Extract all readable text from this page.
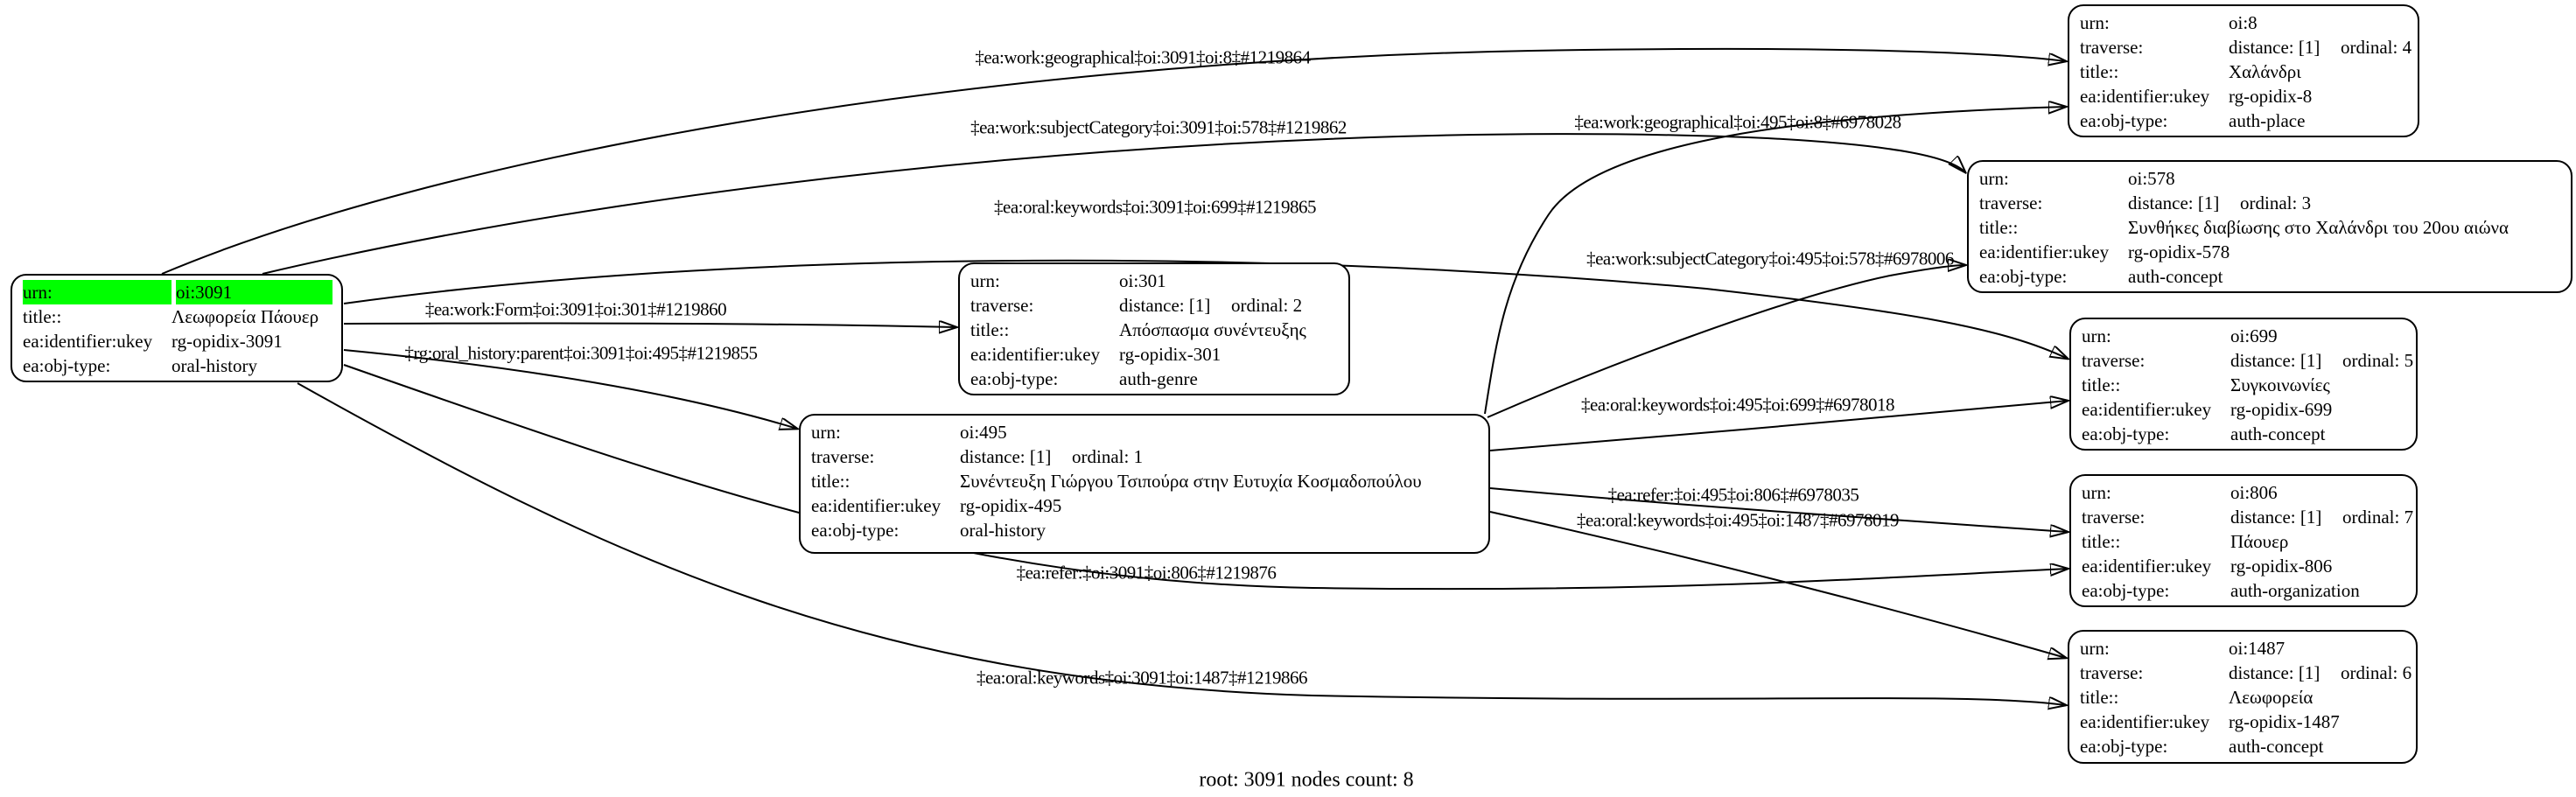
urn:	oi:3091
title::	Λεωφορεία Πάουερ
ea:identifier:ukey	rg-opidix-3091
ea:obj-type:	oral-history
urn:	oi:301
traverse:	distance: [1]	ordinal: 2
title::	Απόσπασμα συνέντευξης
ea:identifier:ukey	rg-opidix-301
ea:obj-type:	auth-genre
urn:	oi:495
traverse:	distance: [1]	ordinal: 1
title::	Συνέντευξη Γιώργου Τσιπούρα στην Ευτυχία Κοσμαδοπούλου
ea:identifier:ukey	rg-opidix-495
ea:obj-type:	oral-history
urn:	oi:8
traverse:	distance: [1]	ordinal: 4
title::	Χαλάνδρι
ea:identifier:ukey	rg-opidix-8
ea:obj-type:	auth-place
urn:	oi:578
traverse:	distance: [1]	ordinal: 3
title::	Συνθήκες διαβίωσης στο Χαλάνδρι του 20ου αιώνα
ea:identifier:ukey	rg-opidix-578
ea:obj-type:	auth-concept
urn:	oi:699
traverse:	distance: [1]	ordinal: 5
title::	Συγκοινωνίες
ea:identifier:ukey	rg-opidix-699
ea:obj-type:	auth-concept
urn:	oi:806
traverse:	distance: [1]	ordinal: 7
title::	Πάουερ
ea:identifier:ukey	rg-opidix-806
ea:obj-type:	auth-organization
urn:	oi:1487
traverse:	distance: [1]	ordinal: 6
title::	Λεωφορεία
ea:identifier:ukey	rg-opidix-1487
ea:obj-type:	auth-concept
‡ea:work:geographical‡oi:3091‡oi:8‡#1219864
‡ea:work:subjectCategory‡oi:3091‡oi:578‡#1219862	‡ea:work:geographical‡oi:495‡oi:8‡#6978028
‡ea:oral:keywords‡oi:3091‡oi:699‡#1219865
‡ea:work:subjectCategory‡oi:495‡oi:578‡#6978006
‡ea:work:Form‡oi:3091‡oi:301‡#1219860
‡rg:oral_history:parent‡oi:3091‡oi:495‡#1219855
‡ea:oral:keywords‡oi:495‡oi:699‡#6978018
‡ea:refer:‡oi:495‡oi:806‡#6978035
‡ea:oral:keywords‡oi:495‡oi:1487‡#6978019
‡ea:refer:‡oi:3091‡oi:806‡#1219876
‡ea:oral:keywords‡oi:3091‡oi:1487‡#1219866
root: 3091 nodes count: 8
